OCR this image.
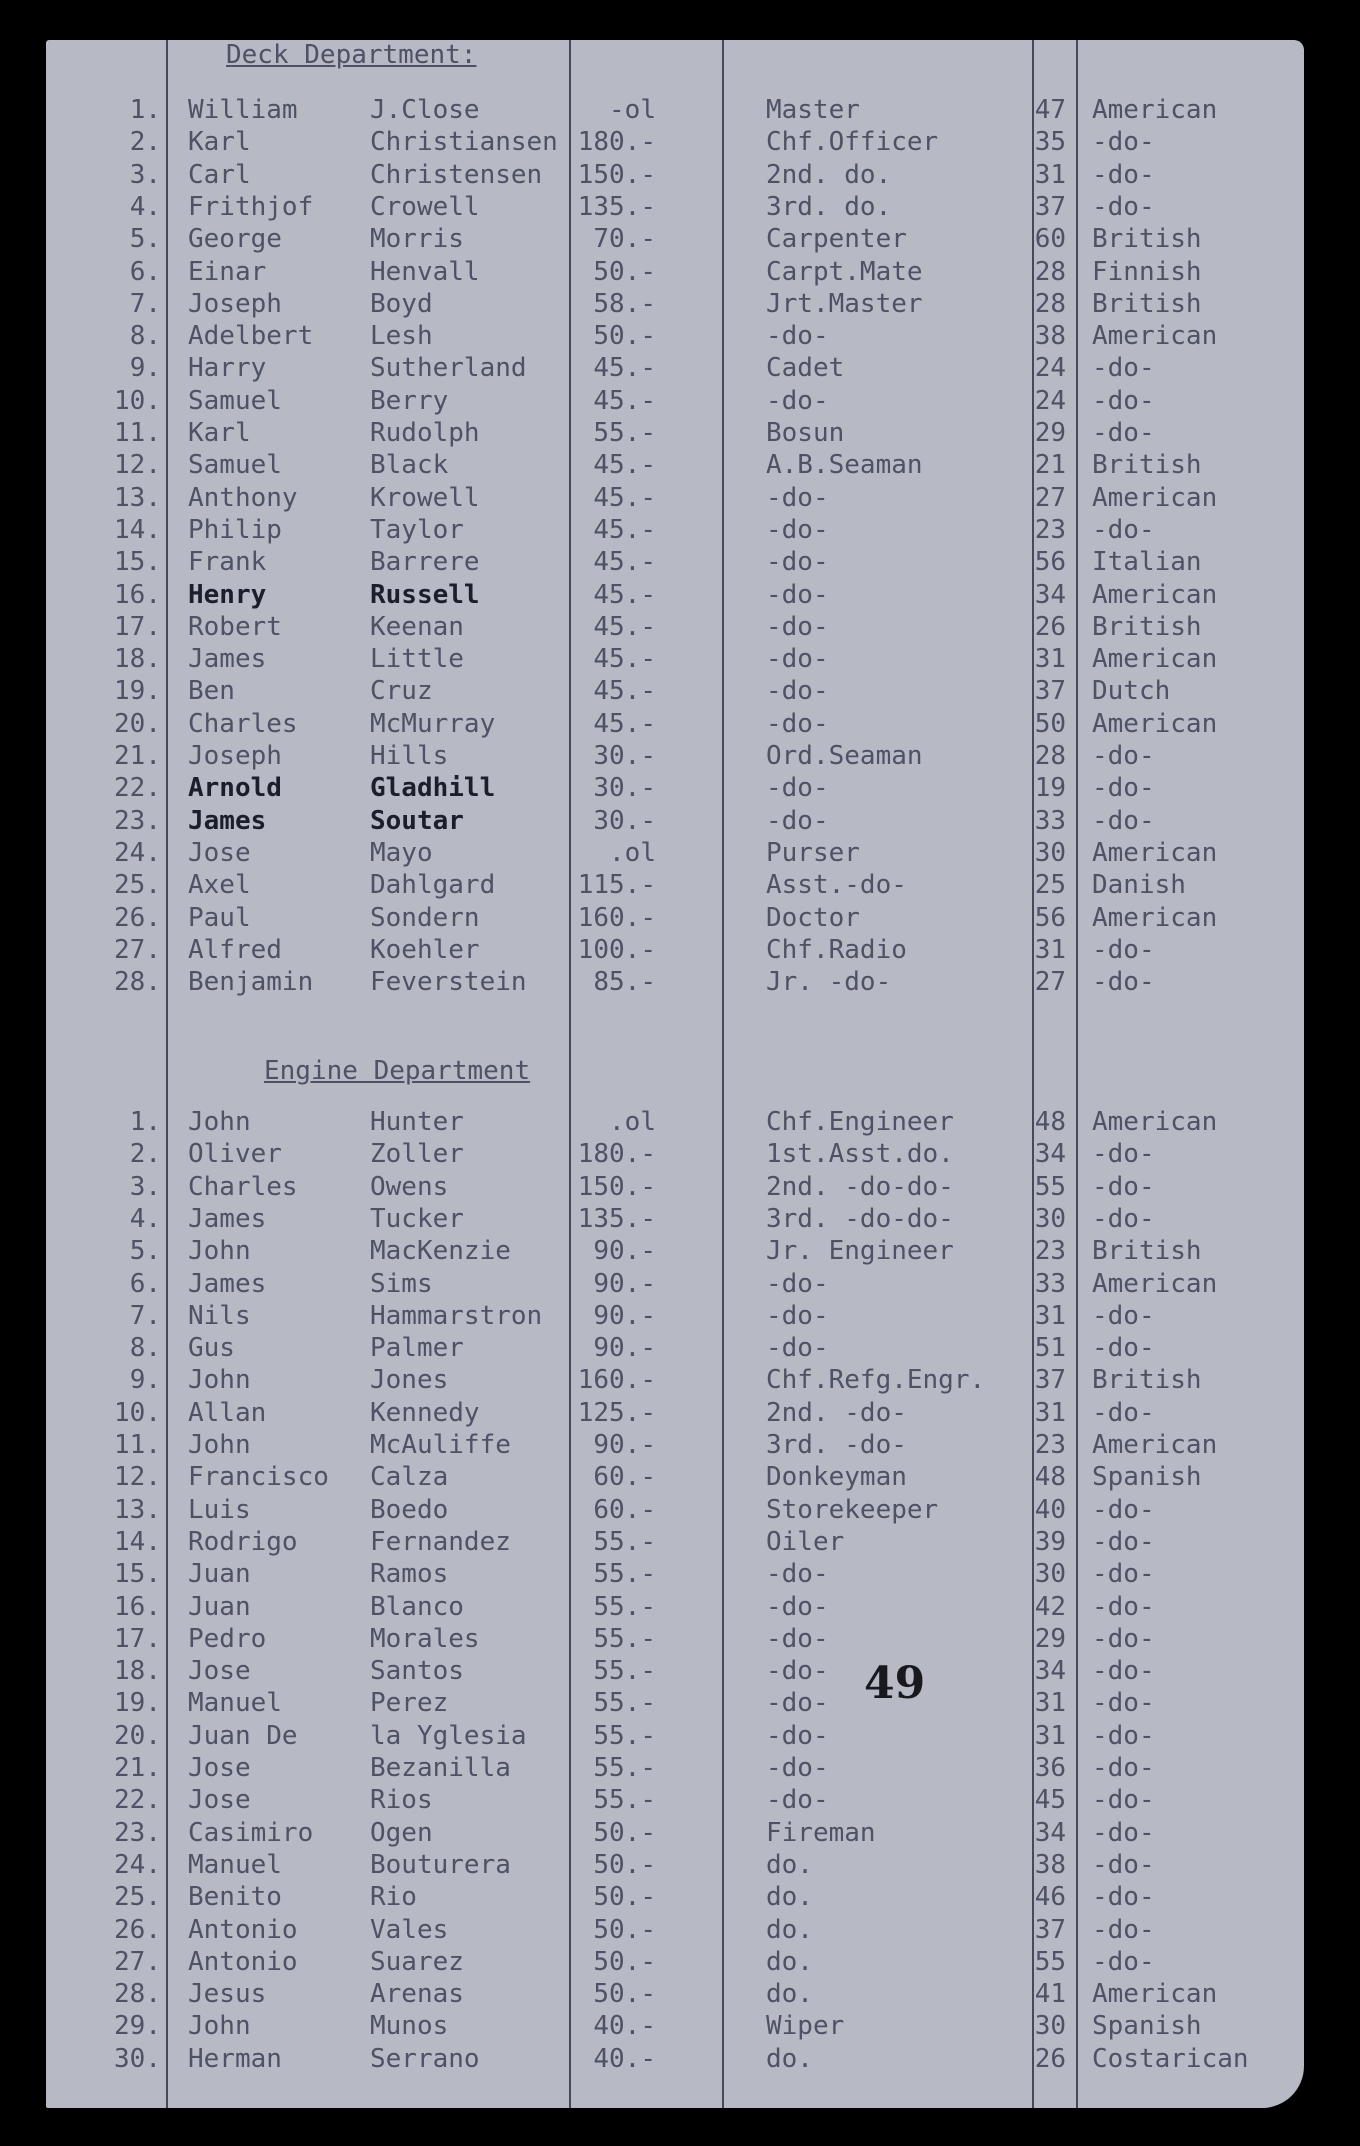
Deck Department:
1. William	J.Close	-ol	Master	47 American
2. Karl	Christiansen 180.-	Chf.Officer	35 -do-
3. Carl	Christensen	150.-	2nd. do.	31 -do-
4. Frithjof Crowell	135.-	3rd. do.	37 -do-
5. George	Morris	70.-	Carpenter	60 British
6. Einar	Henvall	50.-	Carpt.Mate	28 Finnish
7. Joseph	Boyd	58.-	Jrt.Master	28 British
8. Adelbert Lesh	50.-	-do-	38 American
9. Harry	Sutherland	45.-	Cadet	24 -do-
10. Samuel	Berry	45.-	-do-	24 -do-
11. Karl	Rudolph	55.-	Bosun	29 -do-
12. Samuel	Black	45.-	A.B.Seaman	21 British
13. Anthony	Krowell	45.-	-do-	27 American
14. Philip	Taylor	45.-	-do-	23 -do-
15. Frank	Barrere	45.-	-do-	56 Italian
16. Henry	Russell	45.-	-do-	34 American
17. Robert	Keenan	45.-	-do-	26 British
18. James	Little	45.-	-do-	31 American
19. Ben	Cruz	45.-	-do-	37 Dutch
20. Charles	McMurray	45.-	-do-	50 American
21. Joseph	Hills	30.-	Ord.Seaman	28 -do-
22. Arnold	Gladhill	30.-	-do-	19 -do-
23. James	Soutar	30.-	-do-	33 -do-
24. Jose	Mayo	.ol	Purser	30 American
25. Axel	Dahlgard	115.-	Asst.-do-	25 Danish
26. Paul	Sondern	160.-	Doctor	56 American
27. Alfred	Koehler	100.-	Chf.Radio	31 -do-
28. Benjamin Feverstein	85.-	Jr. -do-	27 -do-
Engine Department
1. John	Hunter	.ol	Chf.Engineer	48 American
2. Oliver	Zoller	180.-	1st.Asst.do.	34 -do-
3. Charles	Owens	150.-	2nd. -do-do-	55 -do-
4. James	Tucker	135.-	3rd. -do-do-	30 -do-
5. John	MacKenzie	90.-	Jr. Engineer	23 British
6. James	Sims	90.-	-do-	33 American
7. Nils	Hammarstron	90.-	-do-	31 -do-
8. Gus	Palmer	90.-	-do-	51 -do-
9. John	Jones	160.-	Chf.Refg.Engr.	37 British
10. Allan	Kennedy	125.-	2nd. -do-	31 -do-
11. John	McAuliffe	90.-	3rd. -do-	23 American
12. Francisco Calza	60.-	Donkeyman	48 Spanish
13. Luis	Boedo	60.-	Storekeeper	40 -do-
14. Rodrigo	Fernandez	55.-	Oiler	39 -do-
15. Juan	Ramos	55.-	-do-	30 -do-
16. Juan	Blanco	55.-	-do-	42 -do-
17. Pedro	Morales	55.-	-do-	29 -do-
18. Jose	Santos	55.-	-do-	34 -do-
19. Manuel	Perez	55.-	-do-	31 -do-
20. Juan De	la Yglesia	55.-	-do-	31 -do-
21. Jose	Bezanilla	55.-	-do-	36 -do-
22. Jose	Rios	55.-	-do-	45 -do-
23. Casimiro Ogen	50.-	Fireman	34 -do-
24. Manuel	Bouturera	50.-	do.	38 -do-
25. Benito	Rio	50.-	do.	46 -do-
26. Antonio	Vales	50.-	do.	37 -do-
27. Antonio	Suarez	50.-	do.	55 -do-
28. Jesus	Arenas	50.-	do.	41 American
29. John	Munos	40.-	Wiper	30 Spanish
30. Herman	Serrano	40.-	do.	26 Costarican
49
